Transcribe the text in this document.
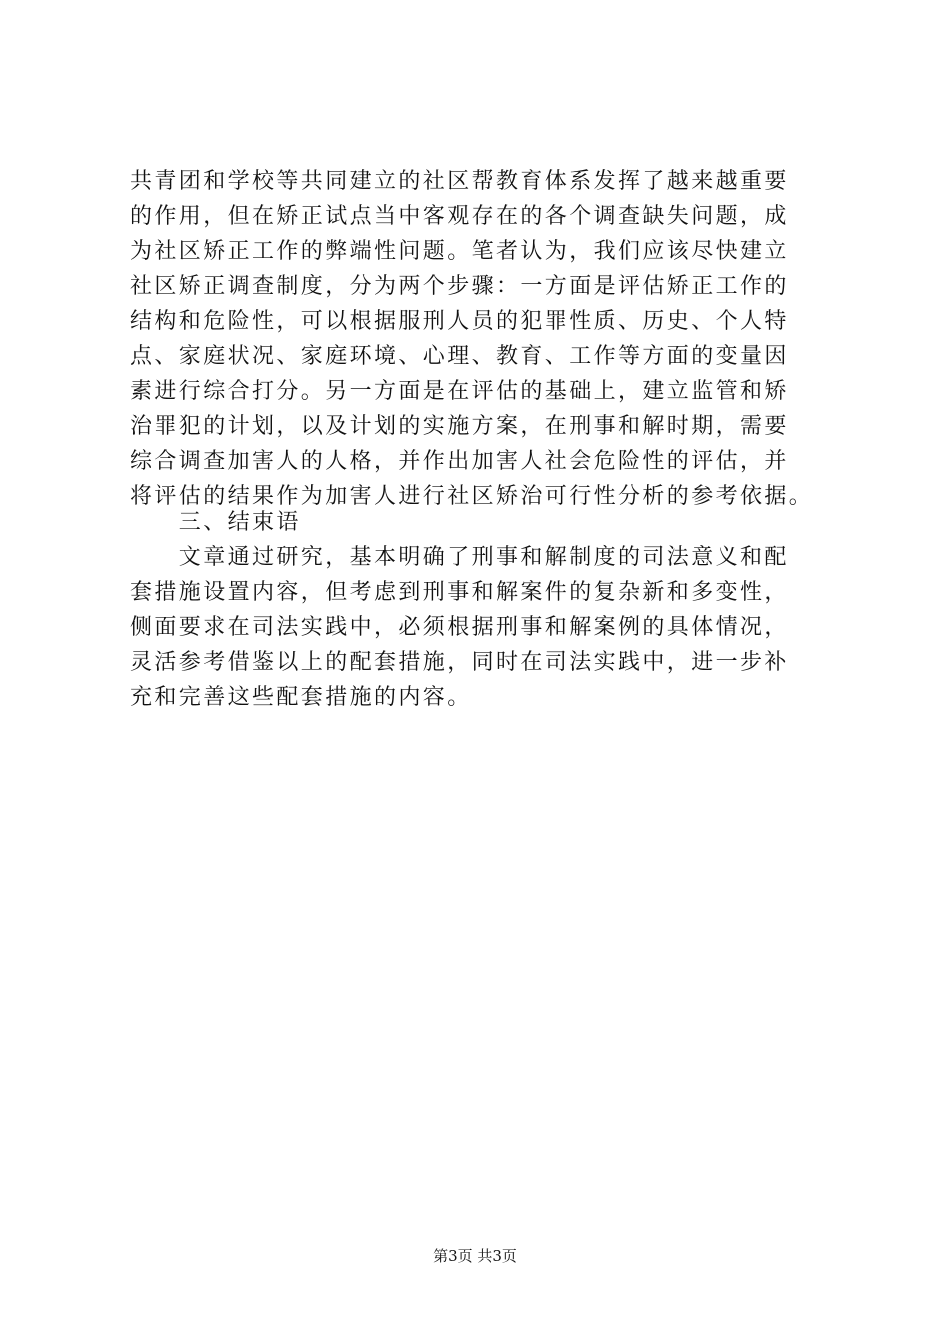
共青团和学校等共同建立的社区帮教育体系发挥了越来越重要
的作用，但在矫正试点当中客观存在的各个调查缺失问题，成
为社区矫正工作的弊端性问题。笔者认为，我们应该尽快建立
社区矫正调查制度，分为两个步骤：一方面是评估矫正工作的
结构和危险性，可以根据服刑人员的犯罪性质、历史、个人特
点、家庭状况、家庭环境、心理、教育、工作等方面的变量因
素进行综合打分。另一方面是在评估的基础上，建立监管和矫
治罪犯的计划，以及计划的实施方案，在刑事和解时期，需要
综合调查加害人的人格，并作出加害人社会危险性的评估，并
将评估的结果作为加害人进行社区矫治可行性分析的参考依据。
　　三、结束语
　　文章通过研究，基本明确了刑事和解制度的司法意义和配
套措施设置内容，但考虑到刑事和解案件的复杂新和多变性，
侧面要求在司法实践中，必须根据刑事和解案例的具体情况，
灵活参考借鉴以上的配套措施，同时在司法实践中，进一步补
充和完善这些配套措施的内容。
第3页 共3页
